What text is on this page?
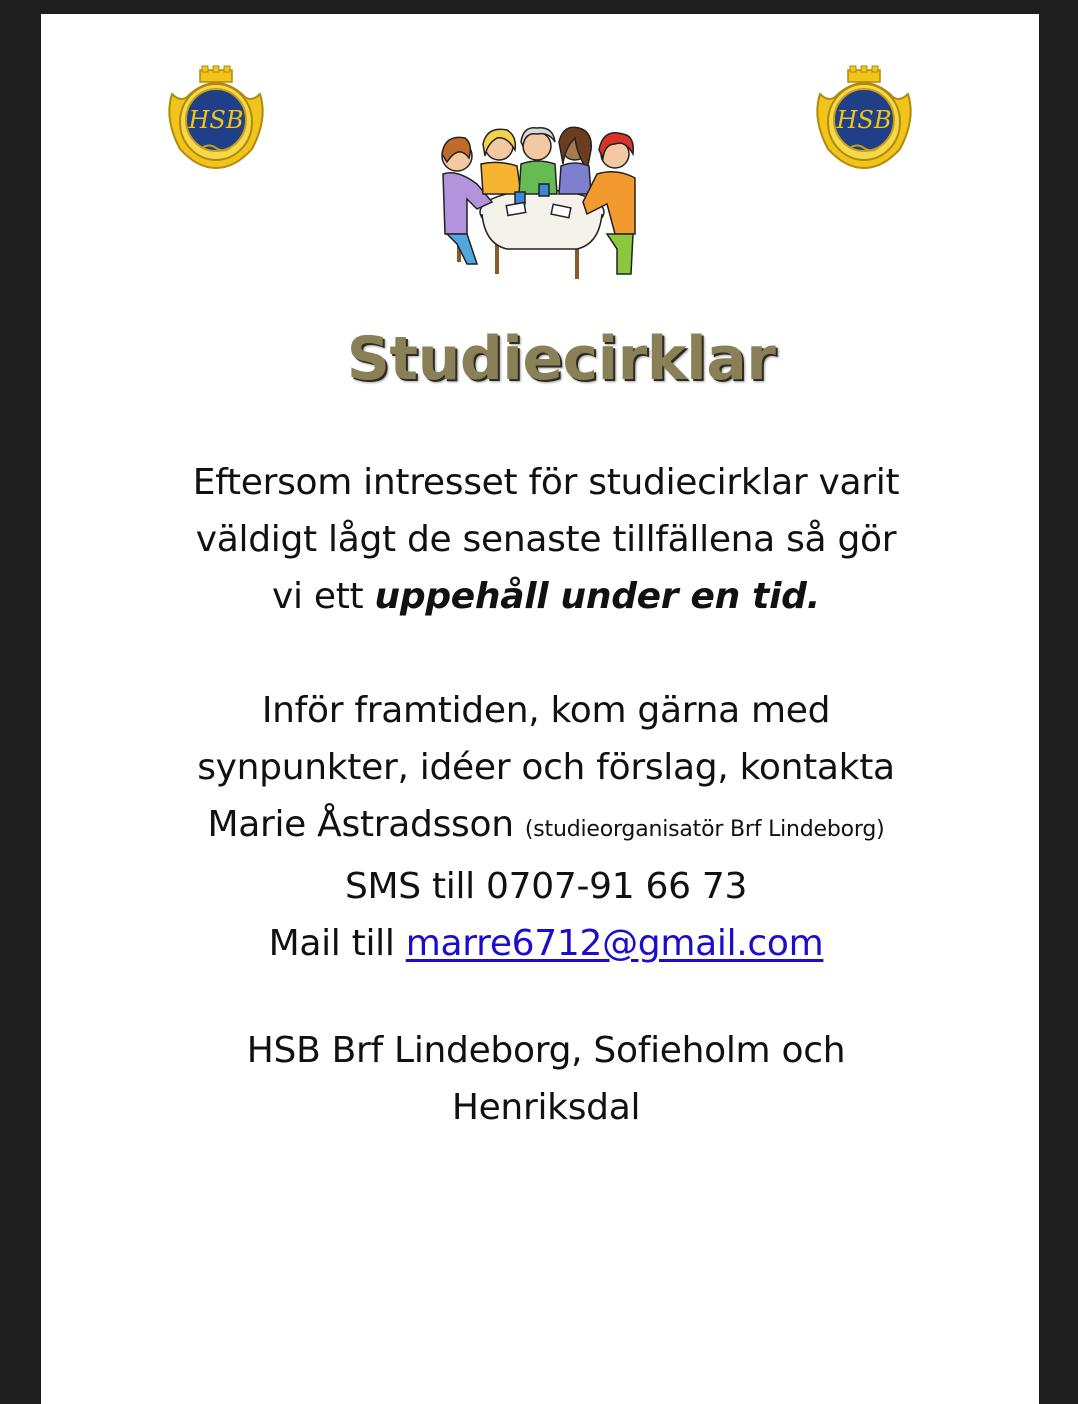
HSB	HSB
Studiecirklar
Eftersom intresset för studiecirklar varit
väldigt lågt de senaste tillfällena så gör
vi ett uppehåll under en tid.
Inför framtiden, kom gärna med
synpunkter, idéer och förslag, kontakta
Marie Åstradsson (studieorganisatör Brf Lindeborg)
SMS till 0707-91 66 73
Mail till marre6712@gmail.com
HSB Brf Lindeborg, Sofieholm och
Henriksdal
